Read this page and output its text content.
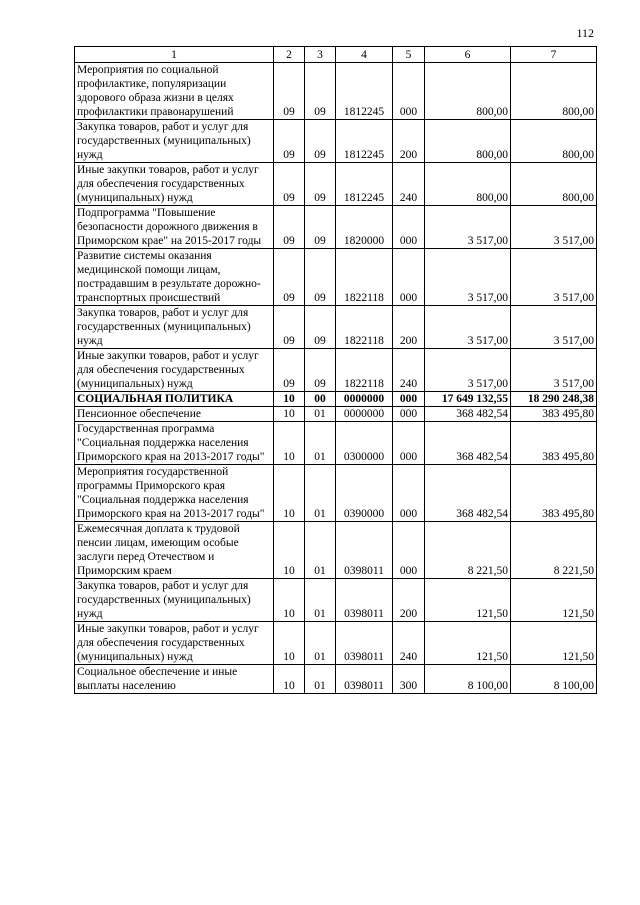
112
1	2	3	4	5	6	7
Мероприятия по социальной профилактике, популяризации здорового образа жизни в целях профилактики правонарушений	09	09	1812245	000	800,00	800,00
Закупка товаров, работ и услуг для государственных (муниципальных) нужд	09	09	1812245	200	800,00	800,00
Иные закупки товаров, работ и услуг для обеспечения государственных (муниципальных) нужд	09	09	1812245	240	800,00	800,00
Подпрограмма "Повышение безопасности дорожного движения в Приморском крае" на 2015-2017 годы	09	09	1820000	000	3 517,00	3 517,00
Развитие системы оказания медицинской помощи лицам, пострадавшим в результате дорожно-транспортных происшествий	09	09	1822118	000	3 517,00	3 517,00
Закупка товаров, работ и услуг для государственных (муниципальных) нужд	09	09	1822118	200	3 517,00	3 517,00
Иные закупки товаров, работ и услуг для обеспечения государственных (муниципальных) нужд	09	09	1822118	240	3 517,00	3 517,00
СОЦИАЛЬНАЯ ПОЛИТИКА	10	00	0000000	000	17 649 132,55	18 290 248,38
Пенсионное обеспечение	10	01	0000000	000	368 482,54	383 495,80
Государственная программа "Социальная поддержка населения Приморского края на 2013-2017 годы"	10	01	0300000	000	368 482,54	383 495,80
Мероприятия государственной программы Приморского края "Социальная поддержка населения Приморского края на 2013-2017 годы"	10	01	0390000	000	368 482,54	383 495,80
Ежемесячная доплата к трудовой пенсии лицам, имеющим особые заслуги перед Отечеством и Приморским краем	10	01	0398011	000	8 221,50	8 221,50
Закупка товаров, работ и услуг для государственных (муниципальных) нужд	10	01	0398011	200	121,50	121,50
Иные закупки товаров, работ и услуг для обеспечения государственных (муниципальных) нужд	10	01	0398011	240	121,50	121,50
Социальное обеспечение и иные выплаты населению	10	01	0398011	300	8 100,00	8 100,00
